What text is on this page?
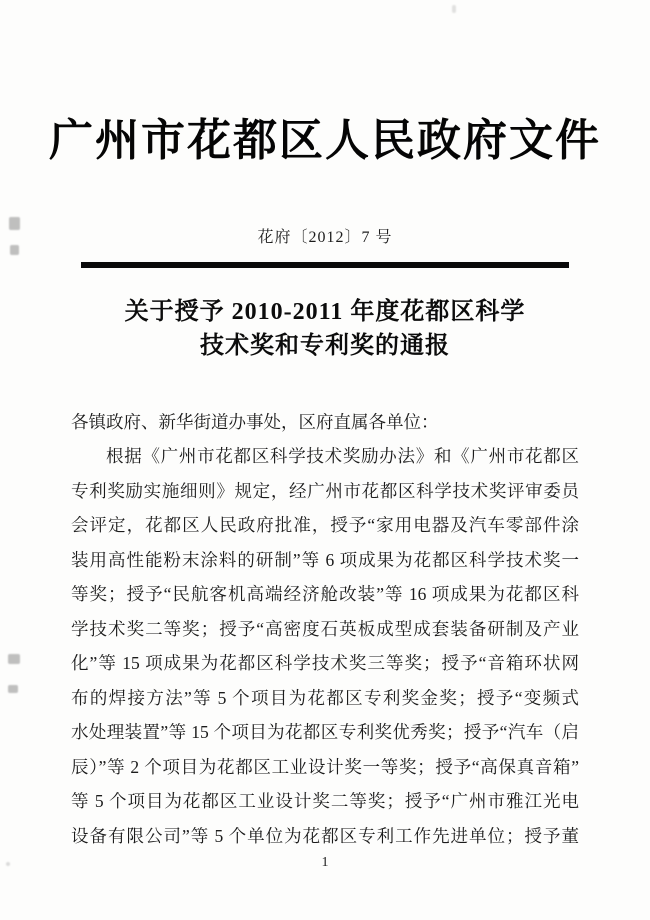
广州市花都区人民政府文件
花府〔2012〕7 号
关于授予 2010-2011 年度花都区科学
技术奖和专利奖的通报

各镇政府、新华街道办事处，区府直属各单位：

根据《广州市花都区科学技术奖励办法》和《广州市花都区

专利奖励实施细则》规定，经广州市花都区科学技术奖评审委员

会评定，花都区人民政府批准，授予“家用电器及汽车零部件涂

装用高性能粉末涂料的研制”等 6 项成果为花都区科学技术奖一

等奖；授予“民航客机高端经济舱改装”等 16 项成果为花都区科

学技术奖二等奖；授予“高密度石英板成型成套装备研制及产业

化”等 15 项成果为花都区科学技术奖三等奖；授予“音箱环状网

布的焊接方法”等 5 个项目为花都区专利奖金奖；授予“变频式

水处理装置”等 15 个项目为花都区专利奖优秀奖；授予“汽车（启

辰）”等 2 个项目为花都区工业设计奖一等奖；授予“高保真音箱”

等 5 个项目为花都区工业设计奖二等奖；授予“广州市雅江光电

设备有限公司”等 5 个单位为花都区专利工作先进单位；授予董

1
